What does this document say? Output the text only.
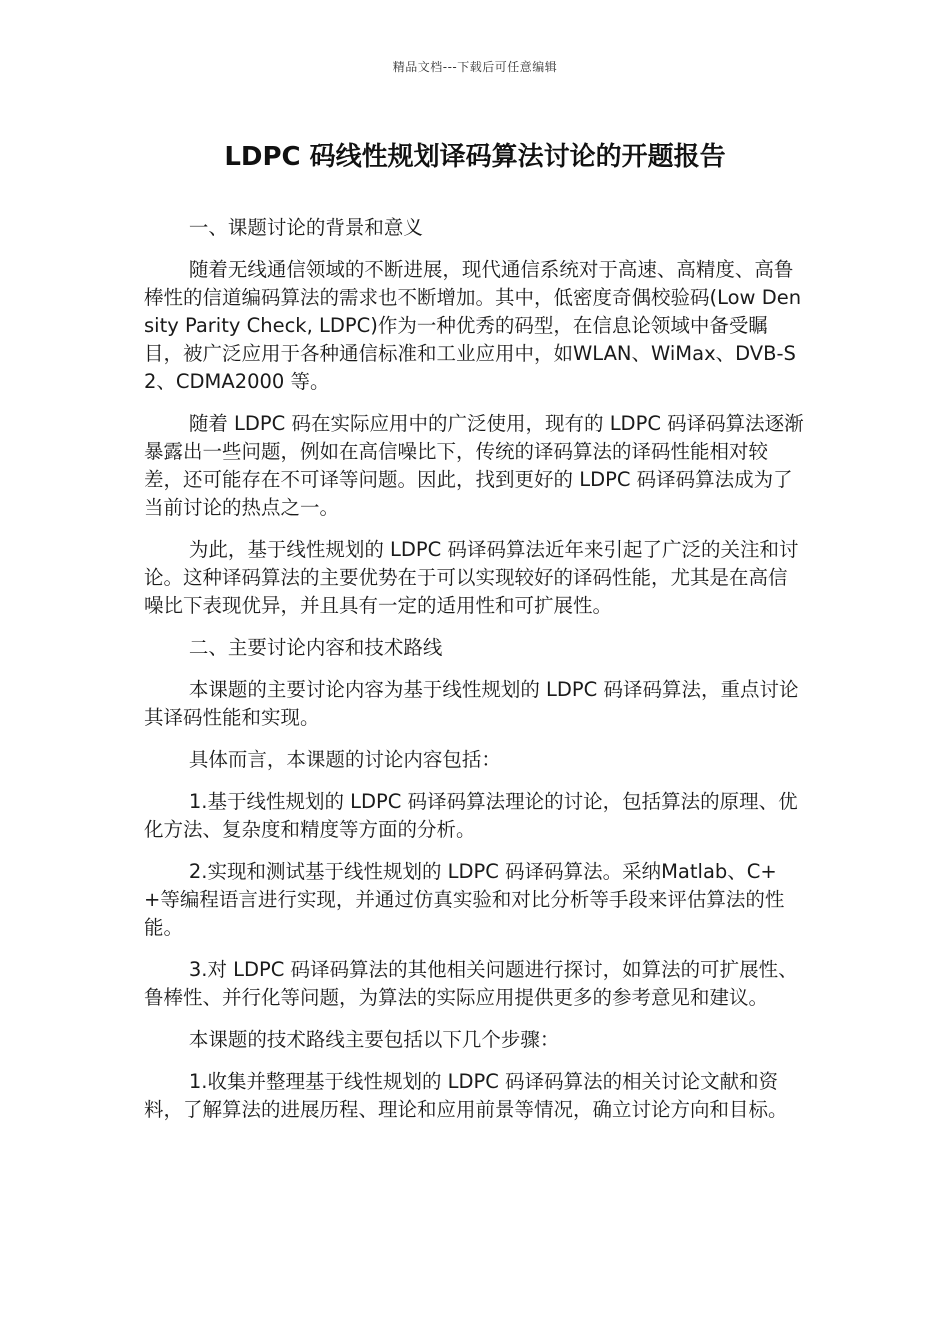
精品文档---下载后可任意编辑
LDPC 码线性规划译码算法讨论的开题报告

一、课题讨论的背景和意义

随着无线通信领域的不断进展，现代通信系统对于高速、高精度、高鲁棒性的信道编码算法的需求也不断增加。其中，低密度奇偶校验码(Low Density Parity Check, LDPC)作为一种优秀的码型，在信息论领域中备受瞩目，被广泛应用于各种通信标准和工业应用中，如WLAN、WiMax、DVB-S2、CDMA2000 等。

随着 LDPC 码在实际应用中的广泛使用，现有的 LDPC 码译码算法逐渐暴露出一些问题，例如在高信噪比下，传统的译码算法的译码性能相对较差，还可能存在不可译等问题。因此，找到更好的 LDPC 码译码算法成为了当前讨论的热点之一。

为此，基于线性规划的 LDPC 码译码算法近年来引起了广泛的关注和讨论。这种译码算法的主要优势在于可以实现较好的译码性能，尤其是在高信噪比下表现优异，并且具有一定的适用性和可扩展性。

二、主要讨论内容和技术路线

本课题的主要讨论内容为基于线性规划的 LDPC 码译码算法，重点讨论其译码性能和实现。

具体而言，本课题的讨论内容包括：

1.基于线性规划的 LDPC 码译码算法理论的讨论，包括算法的原理、优化方法、复杂度和精度等方面的分析。

2.实现和测试基于线性规划的 LDPC 码译码算法。采纳Matlab、C++等编程语言进行实现，并通过仿真实验和对比分析等手段来评估算法的性能。

3.对 LDPC 码译码算法的其他相关问题进行探讨，如算法的可扩展性、鲁棒性、并行化等问题，为算法的实际应用提供更多的参考意见和建议。

本课题的技术路线主要包括以下几个步骤：

1.收集并整理基于线性规划的 LDPC 码译码算法的相关讨论文献和资料，了解算法的进展历程、理论和应用前景等情况，确立讨论方向和目标。
